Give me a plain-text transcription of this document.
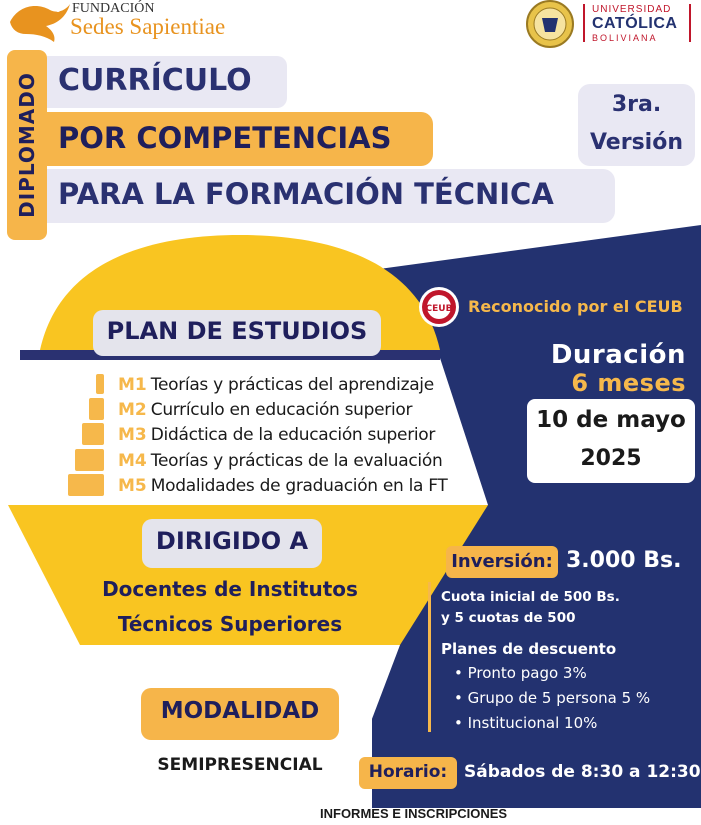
FUNDACIÓN
Sedes Sapientiae
UNIVERSIDAD
CATÓLICA
BOLIVIANA
DIPLOMADO CURRÍCULO
POR COMPETENCIAS
PARA LA FORMACIÓN TÉCNICA
3ra.
Versión
PLAN DE ESTUDIOS
M1 Teorías y prácticas del aprendizaje
M2 Currículo en educación superior
M3 Didáctica de la educación superior
M4 Teorías y prácticas de la evaluación
M5 Modalidades de graduación en la FT
DIRIGIDO A
Docentes de Institutos
Técnicos Superiores
MODALIDAD
SEMIPRESENCIAL
CEUB Reconocido por el CEUB
Duración
6 meses
10 de mayo
2025
Inversión: 3.000 Bs.
Cuota inicial de 500 Bs.
y 5 cuotas de 500
Planes de descuento
• Pronto pago 3%
• Grupo de 5 persona 5 %
• Institucional 10%
Horario: Sábados de 8:30 a 12:30
INFORMES E INSCRIPCIONES
